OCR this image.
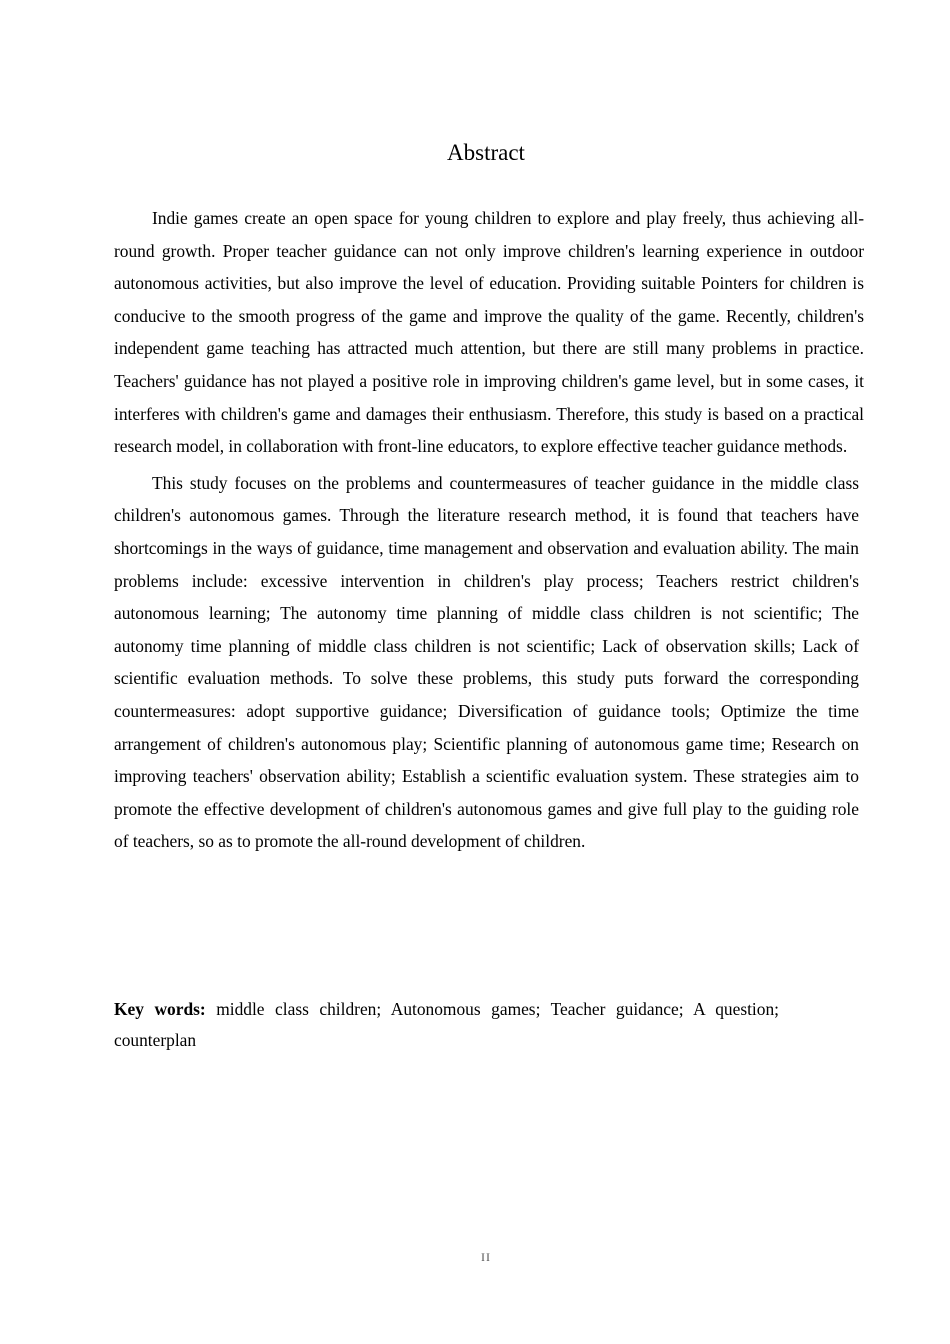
Abstract

Indie games create an open space for young children to explore and play freely, thus achieving all-round growth. Proper teacher guidance can not only improve children's learning experience in outdoor autonomous activities, but also improve the level of education. Providing suitable Pointers for children is conducive to the smooth progress of the game and improve the quality of the game. Recently, children's independent game teaching has attracted much attention, but there are still many problems in practice. Teachers' guidance has not played a positive role in improving children's game level, but in some cases, it interferes with children's game and damages their enthusiasm. Therefore, this study is based on a practical research model, in collaboration with front-line educators, to explore effective teacher guidance methods.

This study focuses on the problems and countermeasures of teacher guidance in the middle class children's autonomous games. Through the literature research method, it is found that teachers have shortcomings in the ways of guidance, time management and observation and evaluation ability. The main problems include: excessive intervention in children's play process; Teachers restrict children's autonomous learning; The autonomy time planning of middle class children is not scientific; The autonomy time planning of middle class children is not scientific; Lack of observation skills; Lack of scientific evaluation methods. To solve these problems, this study puts forward the corresponding countermeasures: adopt supportive guidance; Diversification of guidance tools; Optimize the time arrangement of children's autonomous play; Scientific planning of autonomous game time; Research on improving teachers' observation ability; Establish a scientific evaluation system. These strategies aim to promote the effective development of children's autonomous games and give full play to the guiding role of teachers, so as to promote the all-round development of children.

Key words: middle class children; Autonomous games; Teacher guidance; A question; counterplan

II
